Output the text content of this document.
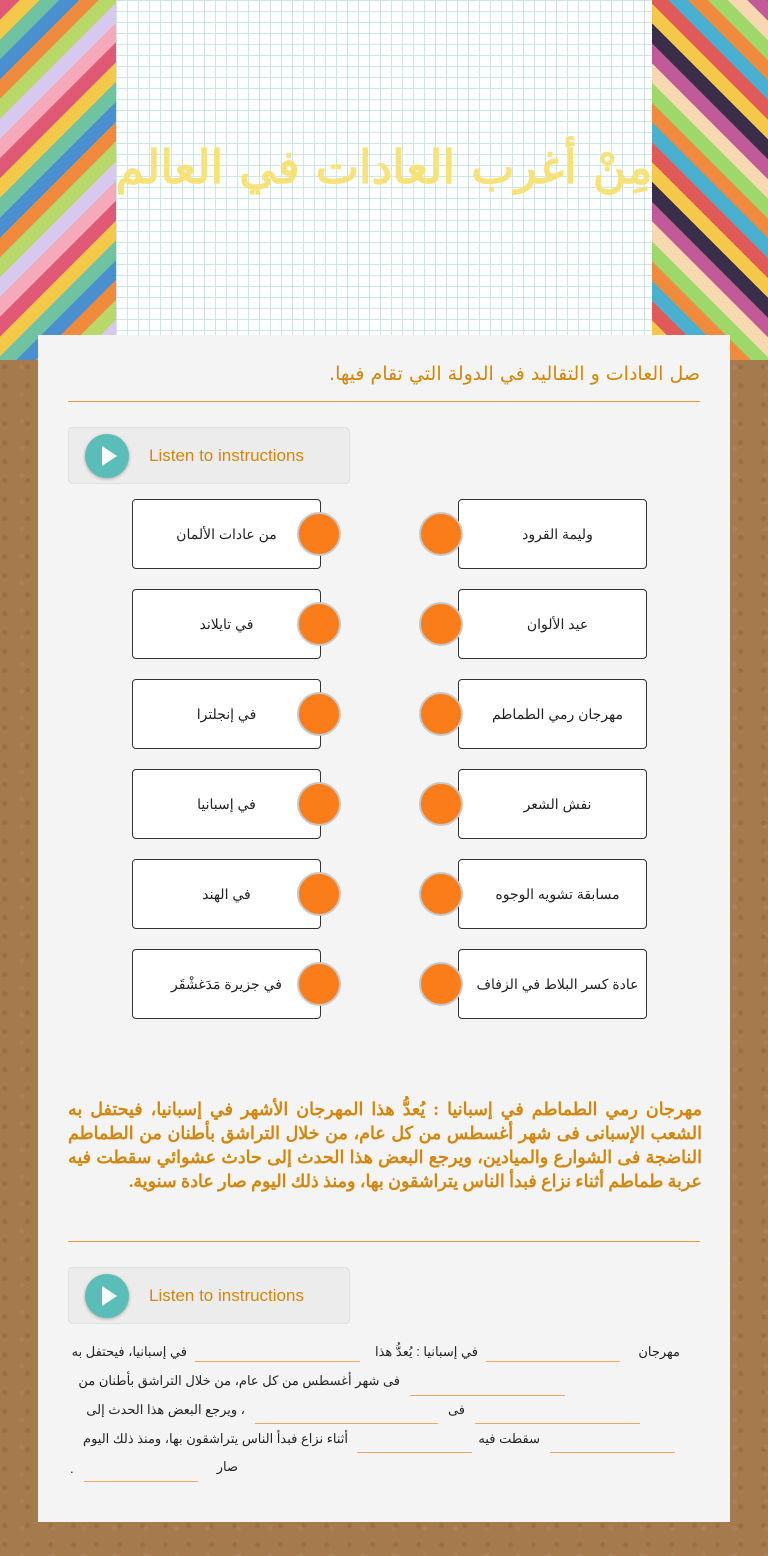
مِنْ أغرب العادات في العالم
صل العادات و التقاليد في الدولة التي تقام فيها.
Listen to instructions
من عادات الألمان	وليمة القرود
في تايلاند	عيد الألوان
في إنجلترا	مهرجان رمي الطماطم
في إسبانيا	نفش الشعر
في الهند	مسابقة تشويه الوجوه
في جزيرة مَدَغشْقَر	عادة كسر البلاط في الزفاف
مهرجان رمي الطماطم في إسبانيا : يُعدُّ هذا المهرجان الأشهر في إسبانيا، فيحتفل به الشعب الإسبانى فى شهر أغسطس من كل عام، من خلال التراشق بأطنان من الطماطم الناضجة فى الشوارع والميادين، ويرجع البعض هذا الحدث إلى حادث عشوائي سقطت فيه عربة طماطم أثناء نزاع فبدأ الناس يتراشقون بها، ومنذ ذلك اليوم صار عادة سنوية.
Listen to instructions
مهرجان
في إسبانيا : يُعدُّ هذا
في إسبانيا، فيحتفل به
فى شهر أغسطس من كل عام، من خلال التراشق بأطنان من
فى
، ويرجع البعض هذا الحدث إلى
سقطت فيه
أثناء نزاع فبدأ الناس يتراشقون بها، ومنذ ذلك اليوم
صار
.
